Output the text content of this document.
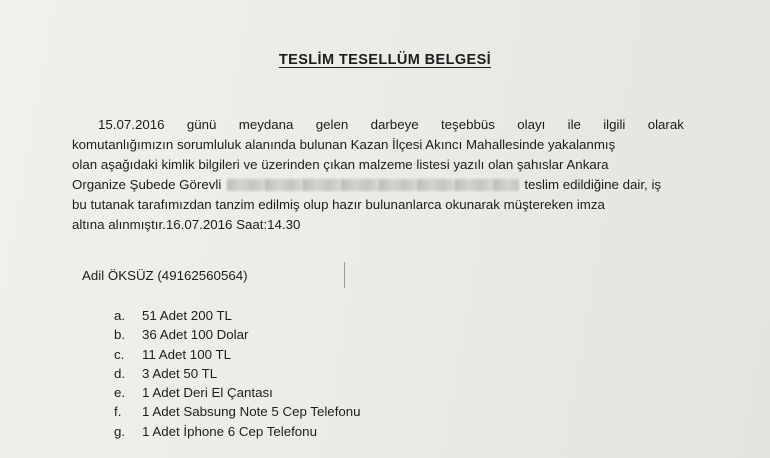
TESLİM TESELLÜM BELGESİ
15.07.2016 günü meydana gelen darbeye teşebbüs olayı ile ilgili olarak
komutanlığımızın sorumluluk alanında bulunan Kazan İlçesi Akıncı Mahallesinde yakalanmış
olan aşağıdaki kimlik bilgileri ve üzerinden çıkan malzeme listesi yazılı olan şahıslar Ankara
Organize Şubede Görevli	teslim edildiğine dair, iş
bu tutanak tarafımızdan tanzim edilmiş olup hazır bulunanlarca okunarak müştereken imza
altına alınmıştır.16.07.2016 Saat:14.30
Adil ÖKSÜZ (49162560564)
a. 51 Adet 200 TL
b. 36 Adet 100 Dolar
c. 11 Adet 100 TL
d. 3 Adet 50 TL
e. 1 Adet Deri El Çantası
f. 1 Adet Sabsung Note 5 Cep Telefonu
g. 1 Adet İphone 6 Cep Telefonu
